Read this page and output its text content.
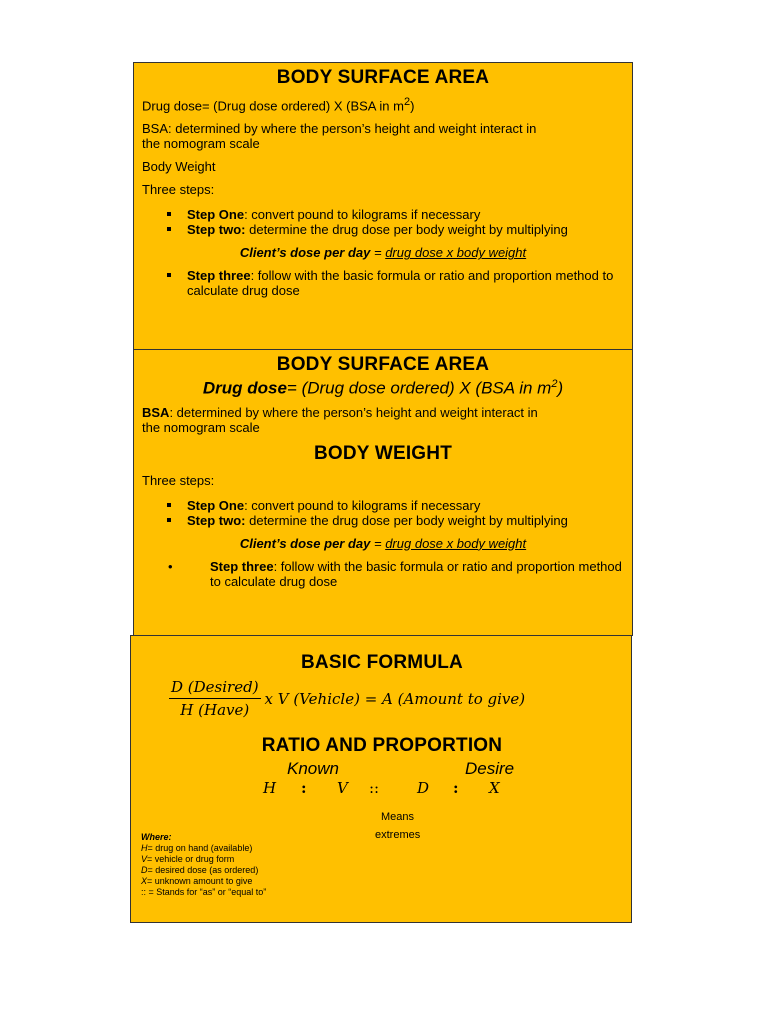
BODY SURFACE AREA

Drug dose= (Drug dose ordered) X (BSA in $m^2$)

BSA: determined by where the person’s height and weight interact in
the nomogram scale

Body Weight

Three steps:

Step One: convert pound to kilograms if necessary
Step two: determine the drug dose per body weight by multiplying
Client’s dose per day = drug dose x body weight
Step three: follow with the basic formula or ratio and proportion method to calculate drug dose
BODY SURFACE AREA
Drug dose= (Drug dose ordered) X (BSA in $m^2$)

BSA: determined by where the person’s height and weight interact in
the nomogram scale

BODY WEIGHT

Three steps:

Step One: convert pound to kilograms if necessary
Step two: determine the drug dose per body weight by multiplying
Client’s dose per day = drug dose x body weight
• Step three: follow with the basic formula or ratio and proportion method to calculate drug dose
BASIC FORMULA
$\frac{\text{D (Desired)}}{\text{H (Have)}}$ x V (Vehicle) = A (Amount to give)
RATIO AND PROPORTION
Known	Desire
H : V ::	D : X
Means
extremes
Where:
H= drug on hand (available)
V= vehicle or drug form
D= desired dose (as ordered)
X= unknown amount to give
:: = Stands for “as” or “equal to”
